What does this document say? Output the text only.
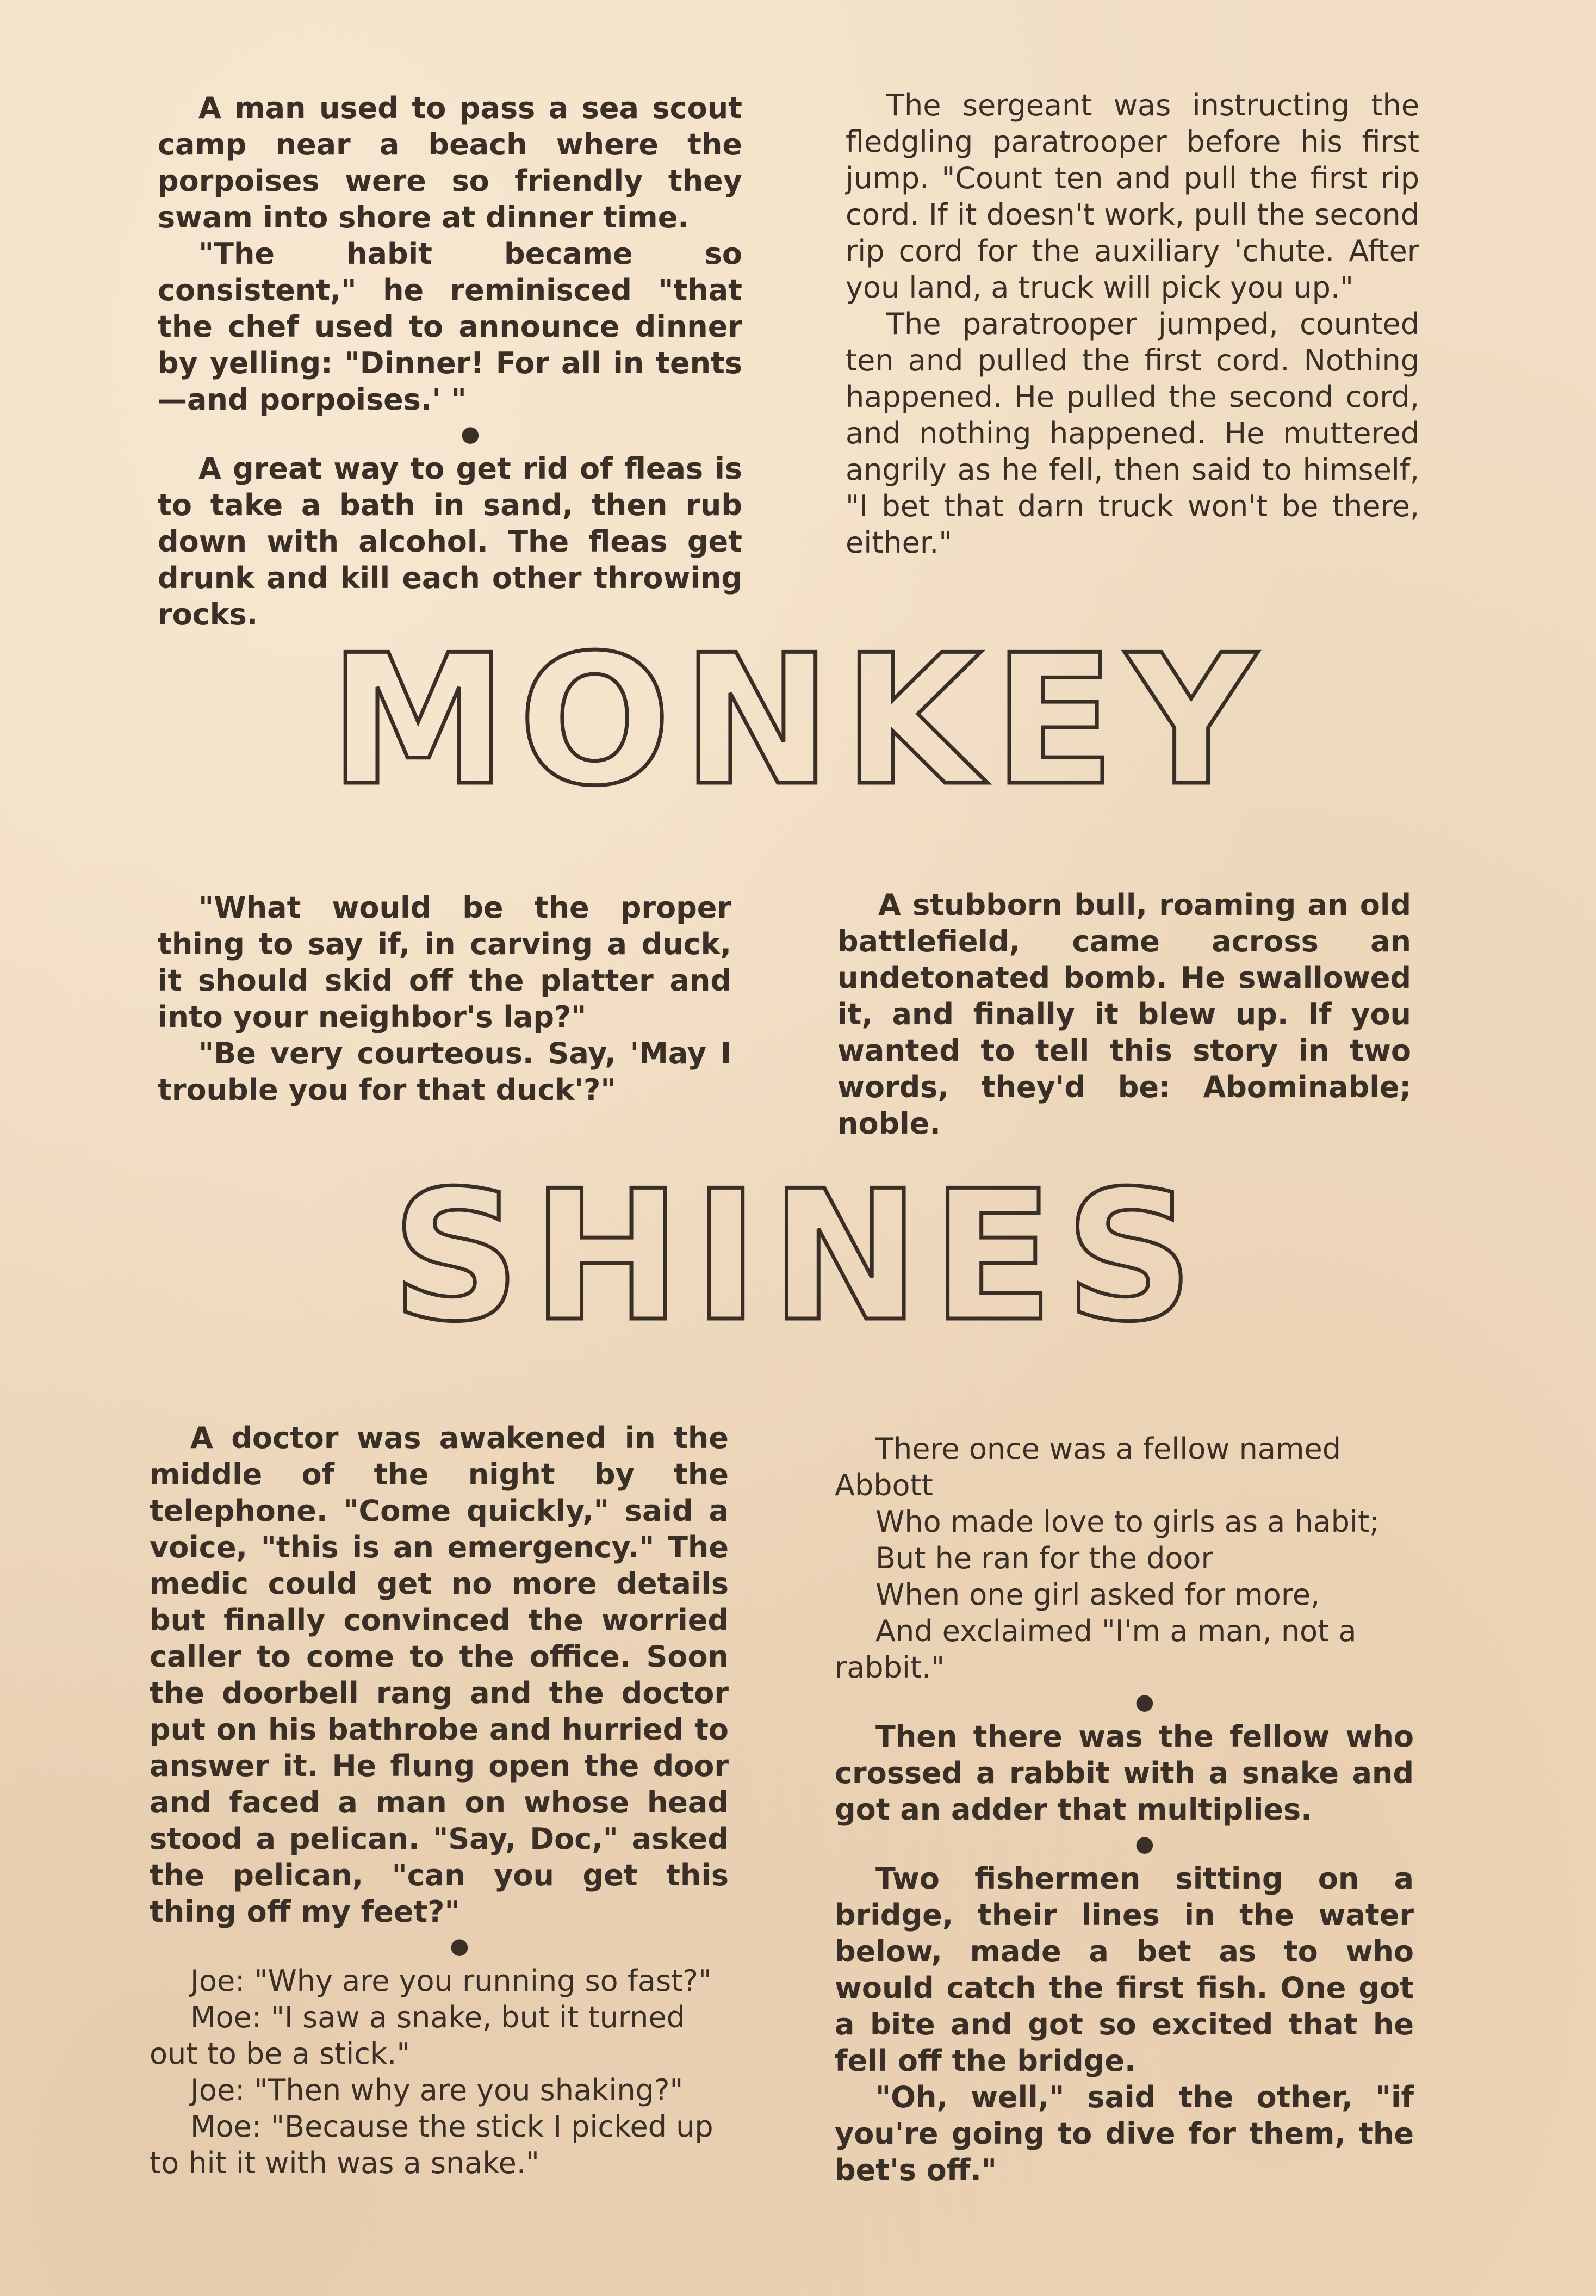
A man used to pass a sea scout camp near a beach where the porpoises were so friendly they swam into shore at dinner time.

"The habit became so consistent," he reminisced "that the chef used to announce dinner by yelling: "Dinner! For all in tents—and porpoises.' "

●

A great way to get rid of fleas is to take a bath in sand, then rub down with alcohol. The fleas get drunk and kill each other throwing rocks.

The sergeant was instructing the fledgling paratrooper before his first jump. "Count ten and pull the first rip cord. If it doesn't work, pull the second rip cord for the auxiliary 'chute. After you land, a truck will pick you up."

The paratrooper jumped, counted ten and pulled the first cord. Nothing happened. He pulled the second cord, and nothing happened. He muttered angrily as he fell, then said to himself, "I bet that darn truck won't be there, either."

MONKEY

"What would be the proper thing to say if, in carving a duck, it should skid off the platter and into your neighbor's lap?"

"Be very courteous. Say, 'May I trouble you for that duck'?"

A stubborn bull, roaming an old battlefield, came across an undetonated bomb. He swallowed it, and finally it blew up. If you wanted to tell this story in two words, they'd be: Abominable; noble.

SHINES

A doctor was awakened in the middle of the night by the telephone. "Come quickly," said a voice, "this is an emergency." The medic could get no more details but finally convinced the worried caller to come to the office. Soon the doorbell rang and the doctor put on his bathrobe and hurried to answer it. He flung open the door and faced a man on whose head stood a pelican. "Say, Doc," asked the pelican, "can you get this thing off my feet?"

●

Joe: "Why are you running so fast?"

Moe: "I saw a snake, but it turned out to be a stick."

Joe: "Then why are you shaking?"

Moe: "Because the stick I picked up to hit it with was a snake."

There once was a fellow named Abbott

Who made love to girls as a habit;

But he ran for the door

When one girl asked for more,

And exclaimed "I'm a man, not a rabbit."

●

Then there was the fellow who crossed a rabbit with a snake and got an adder that multiplies.

●

Two fishermen sitting on a bridge, their lines in the water below, made a bet as to who would catch the first fish. One got a bite and got so excited that he fell off the bridge.

"Oh, well," said the other, "if you're going to dive for them, the bet's off."
